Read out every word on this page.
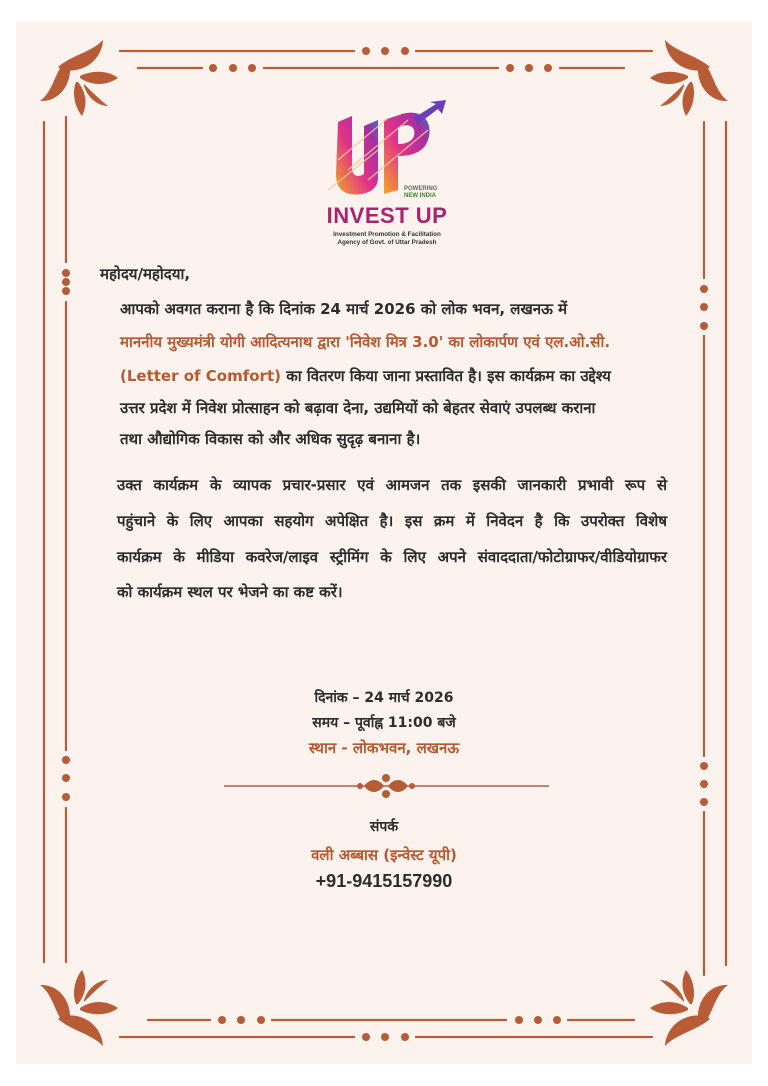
POWERING
NEW INDIA
INVEST UP
Investment Promotion & Facilitation
Agency of Govt. of Uttar Pradesh
महोदय/महोदया,
आपको अवगत कराना है कि दिनांक 24 मार्च 2026 को लोक भवन, लखनऊ में
माननीय मुख्यमंत्री योगी आदित्यनाथ द्वारा 'निवेश मित्र 3.0' का लोकार्पण एवं एल.ओ.सी.
(Letter of Comfort) का वितरण किया जाना प्रस्तावित है। इस कार्यक्रम का उद्देश्य
उत्तर प्रदेश में निवेश प्रोत्साहन को बढ़ावा देना, उद्यमियों को बेहतर सेवाएं उपलब्ध कराना
तथा औद्योगिक विकास को और अधिक सुदृढ़ बनाना है।
उक्त कार्यक्रम के व्यापक प्रचार-प्रसार एवं आमजन तक इसकी जानकारी प्रभावी रूप से
पहुंचाने के लिए आपका सहयोग अपेक्षित है। इस क्रम में निवेदन है कि उपरोक्त विशेष
कार्यक्रम के मीडिया कवरेज/लाइव स्ट्रीमिंग के लिए अपने संवाददाता/फोटोग्राफर/वीडियोग्राफर
को कार्यक्रम स्थल पर भेजने का कष्ट करें।
दिनांक – 24 मार्च 2026
समय – पूर्वाह्न 11:00 बजे
स्थान - लोकभवन, लखनऊ
संपर्क
वली अब्बास (इन्वेस्ट यूपी)
+91-9415157990
